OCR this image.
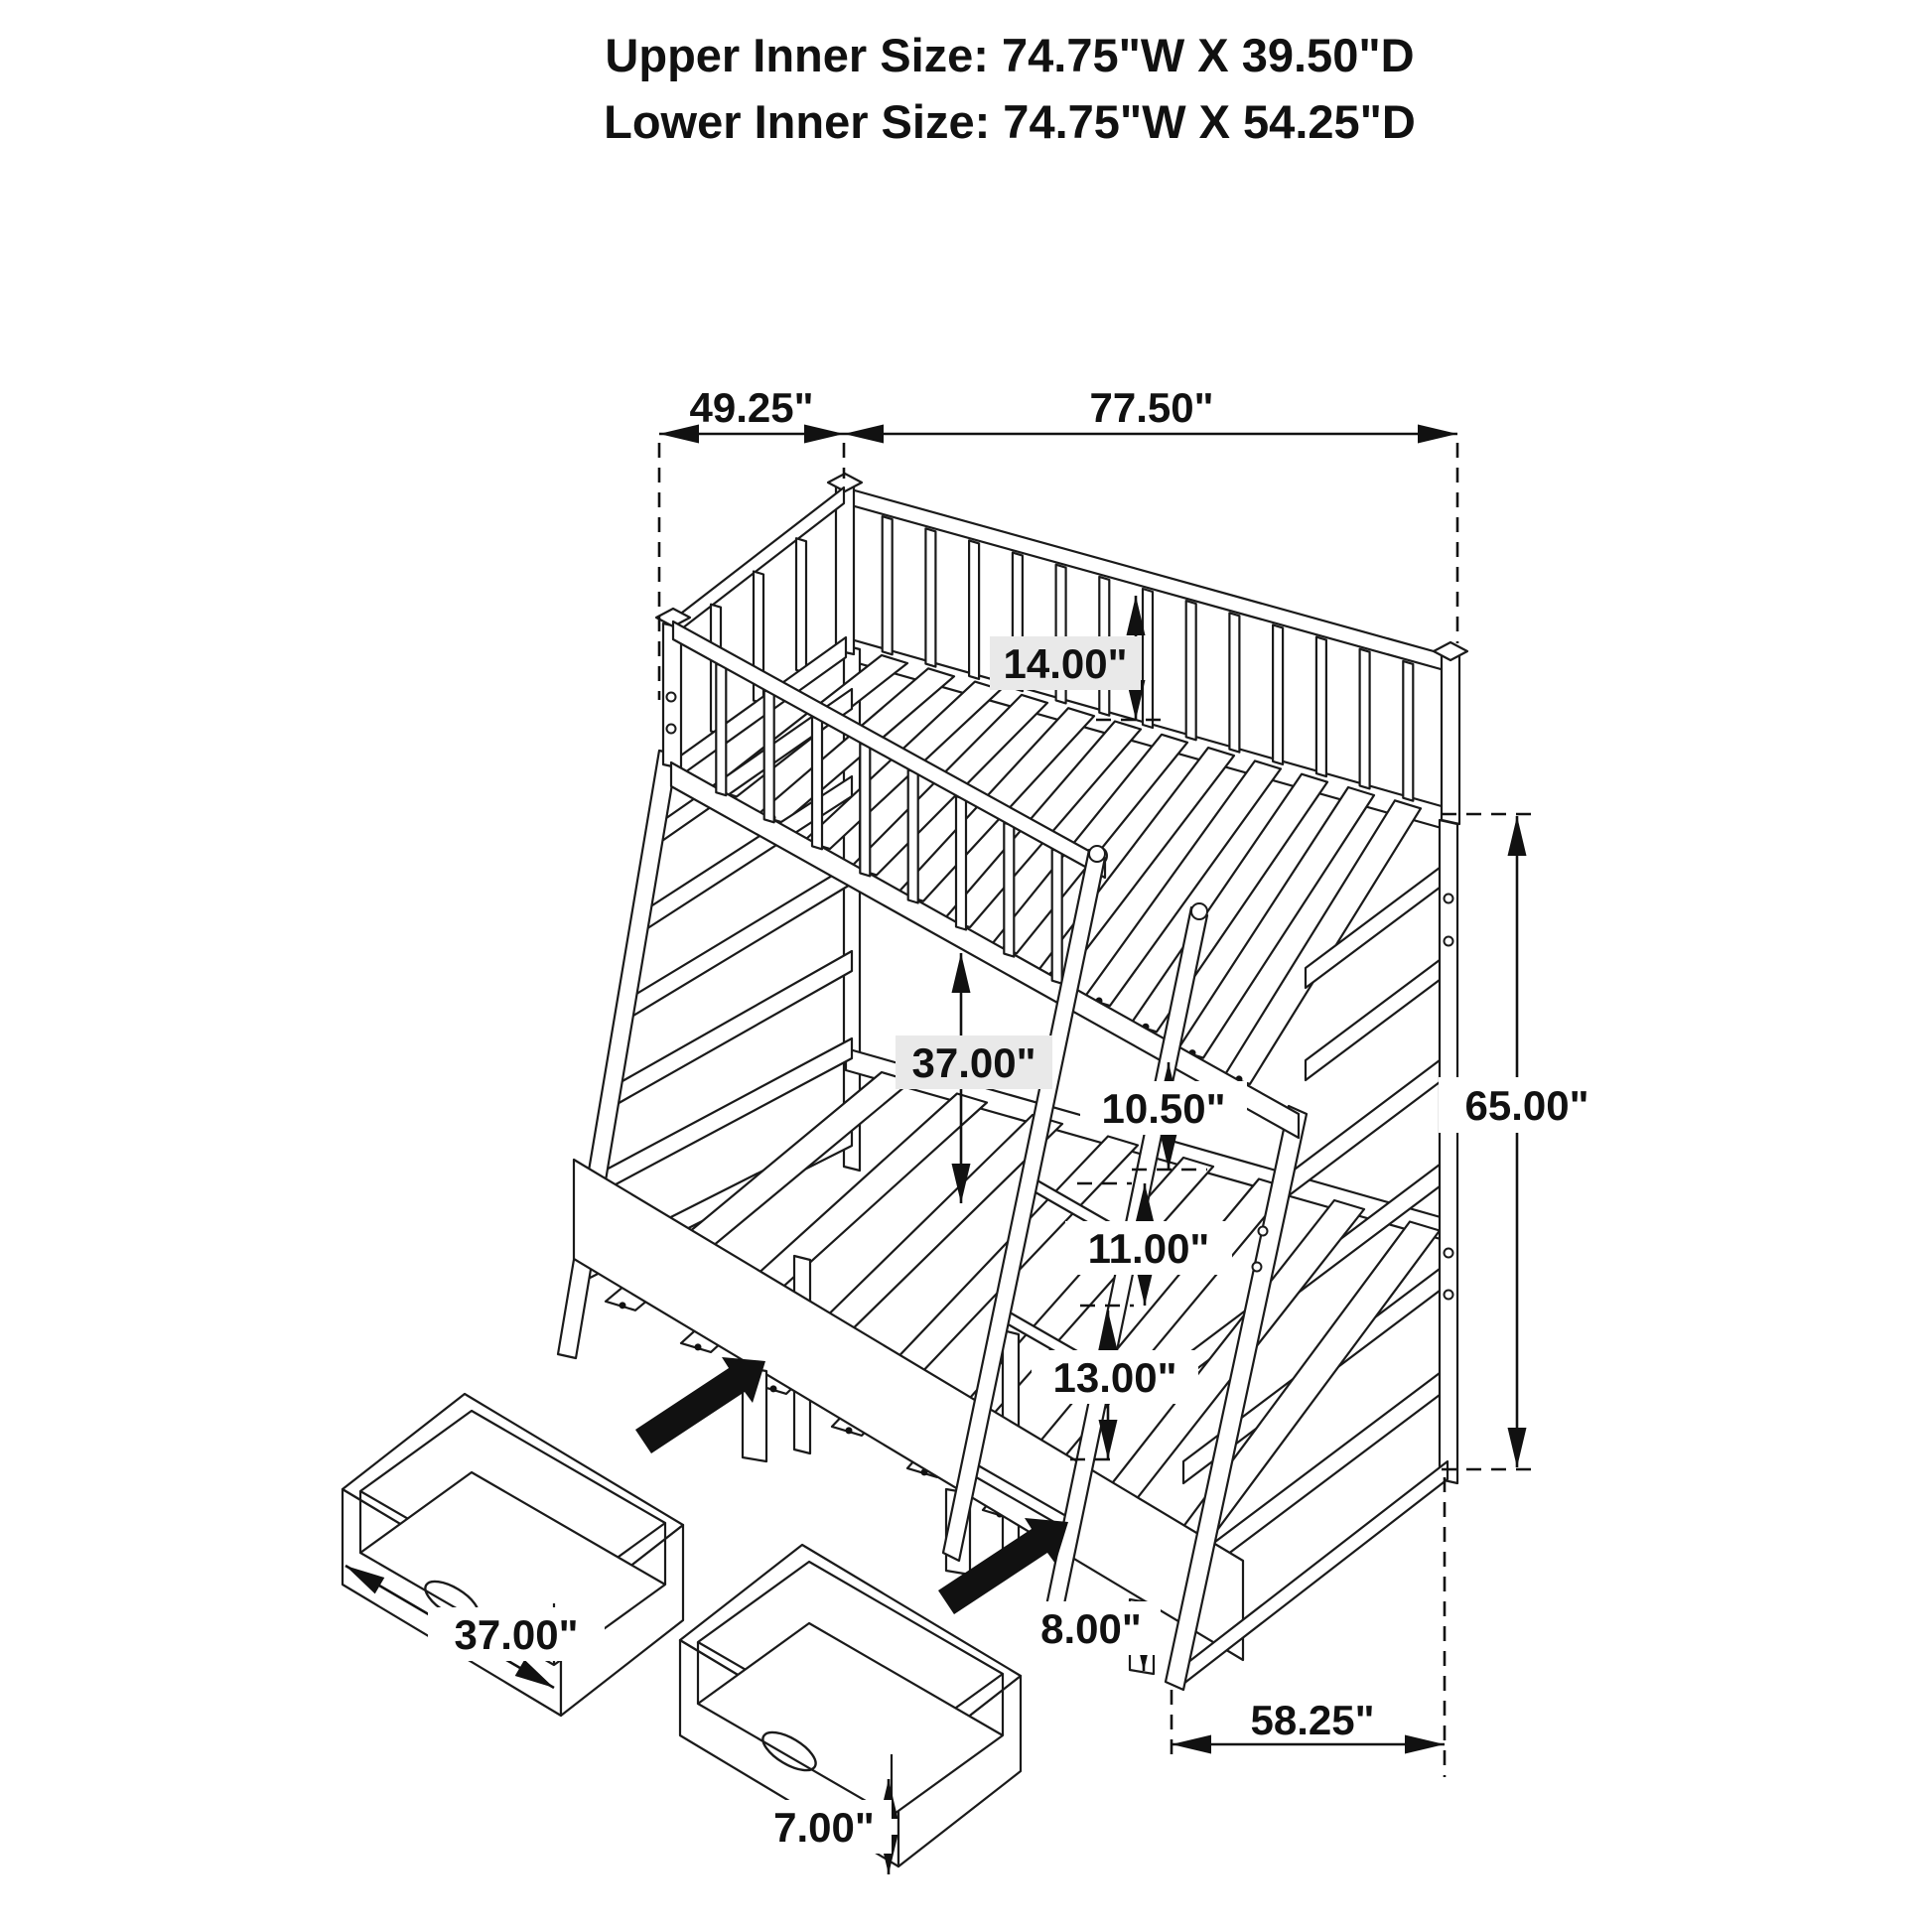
Upper Inner Size: 74.75"W X 39.50"D
Lower Inner Size: 74.75"W X 54.25"D
49.25"	77.50"
14.00"
37.00"
10.50"
11.00"
13.00"
65.00"
8.00"
58.25"
37.00"
7.00"
